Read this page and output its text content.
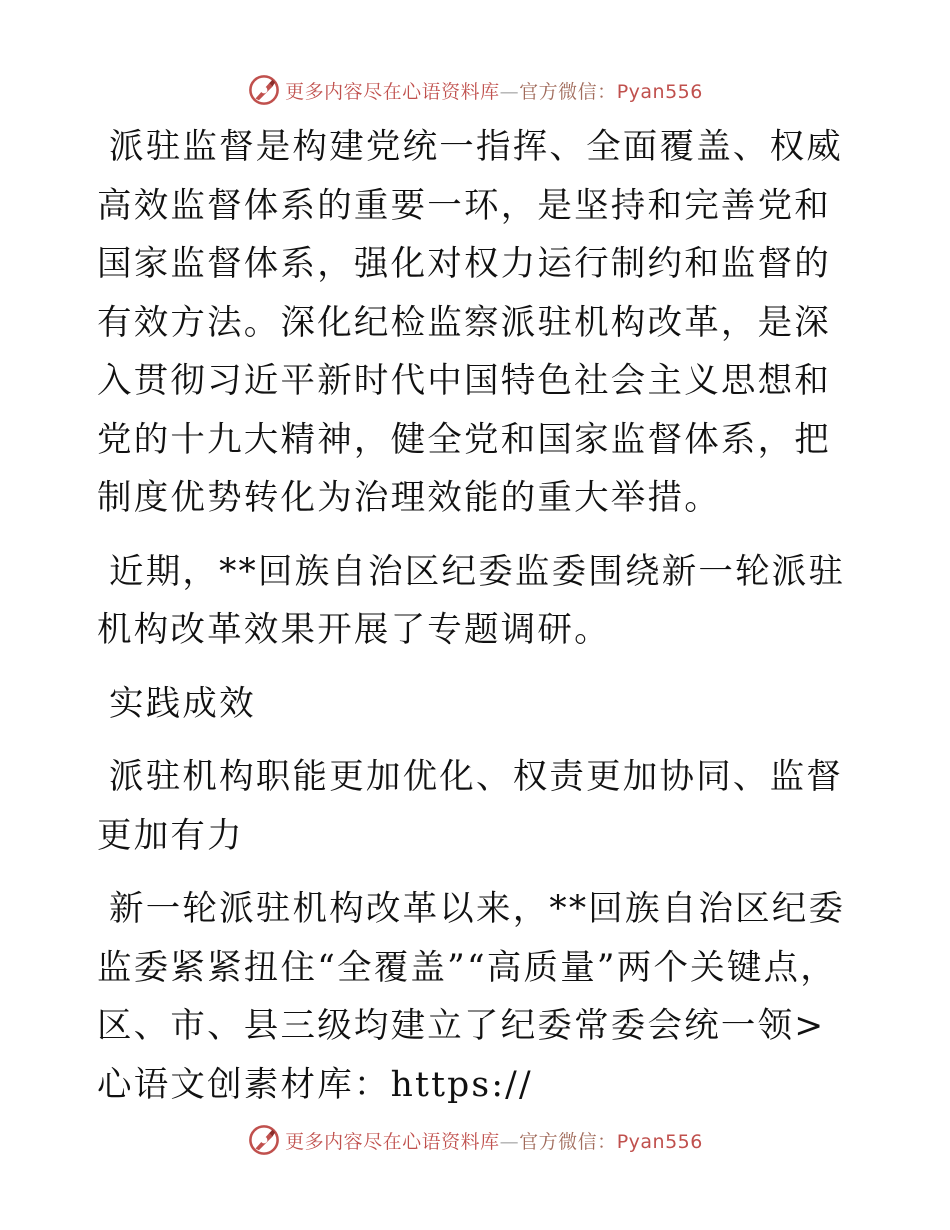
更多内容尽在心语资料库—官方微信：Pyan556

派驻监督是构建党统一指挥、全面覆盖、权威高效监督体系的重要一环，是坚持和完善党和国家监督体系，强化对权力运行制约和监督的有效方法。深化纪检监察派驻机构改革，是深入贯彻习近平新时代中国特色社会主义思想和党的十九大精神，健全党和国家监督体系，把制度优势转化为治理效能的重大举措。

近期，**回族自治区纪委监委围绕新一轮派驻机构改革效果开展了专题调研。

实践成效

派驻机构职能更加优化、权责更加协同、监督更加有力

新一轮派驻机构改革以来，**回族自治区纪委监委紧紧扭住“全覆盖”“高质量”两个关键点，区、市、县三级均建立了纪委常委会统一领>心语文创素材库：https://

更多内容尽在心语资料库—官方微信：Pyan556
